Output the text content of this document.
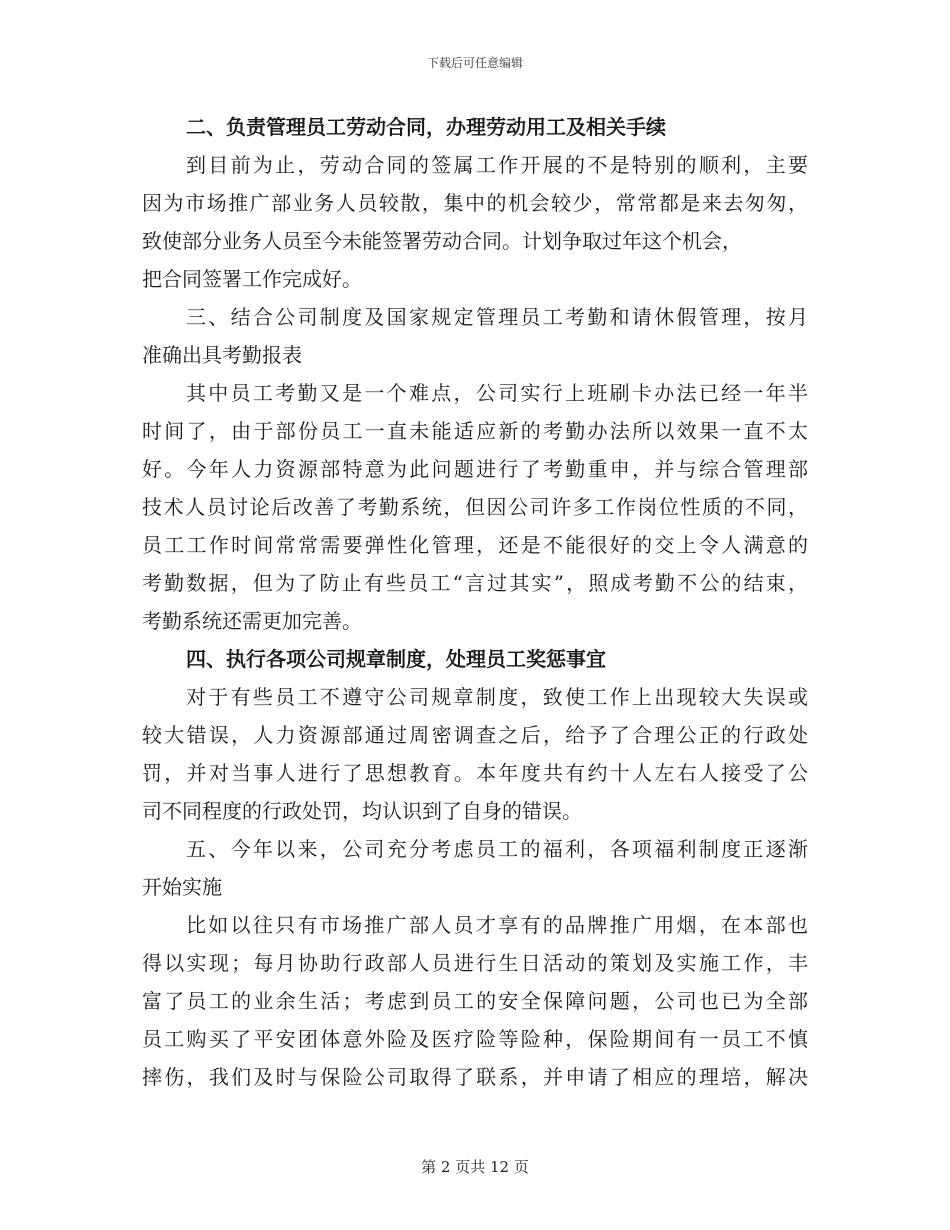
下载后可任意编辑
二、负责管理员工劳动合同，办理劳动用工及相关手续
到目前为止，劳动合同的签属工作开展的不是特别的顺利，主要
因为市场推广部业务人员较散，集中的机会较少，常常都是来去匆匆，
致使部分业务人员至今未能签署劳动合同。计划争取过年这个机会，
把合同签署工作完成好。
三、结合公司制度及国家规定管理员工考勤和请休假管理，按月
准确出具考勤报表
其中员工考勤又是一个难点，公司实行上班刷卡办法已经一年半
时间了，由于部份员工一直未能适应新的考勤办法所以效果一直不太
好。今年人力资源部特意为此问题进行了考勤重申，并与综合管理部
技术人员讨论后改善了考勤系统，但因公司许多工作岗位性质的不同，
员工工作时间常常需要弹性化管理，还是不能很好的交上令人满意的
考勤数据，但为了防止有些员工“言过其实”，照成考勤不公的结束，
考勤系统还需更加完善。
四、执行各项公司规章制度，处理员工奖惩事宜
对于有些员工不遵守公司规章制度，致使工作上出现较大失误或
较大错误，人力资源部通过周密调查之后，给予了合理公正的行政处
罚，并对当事人进行了思想教育。本年度共有约十人左右人接受了公
司不同程度的行政处罚，均认识到了自身的错误。
五、今年以来，公司充分考虑员工的福利，各项福利制度正逐渐
开始实施
比如以往只有市场推广部人员才享有的品牌推广用烟，在本部也
得以实现；每月协助行政部人员进行生日活动的策划及实施工作，丰
富了员工的业余生活；考虑到员工的安全保障问题，公司也已为全部
员工购买了平安团体意外险及医疗险等险种，保险期间有一员工不慎
摔伤，我们及时与保险公司取得了联系，并申请了相应的理培，解决
第 2 页共 12 页
